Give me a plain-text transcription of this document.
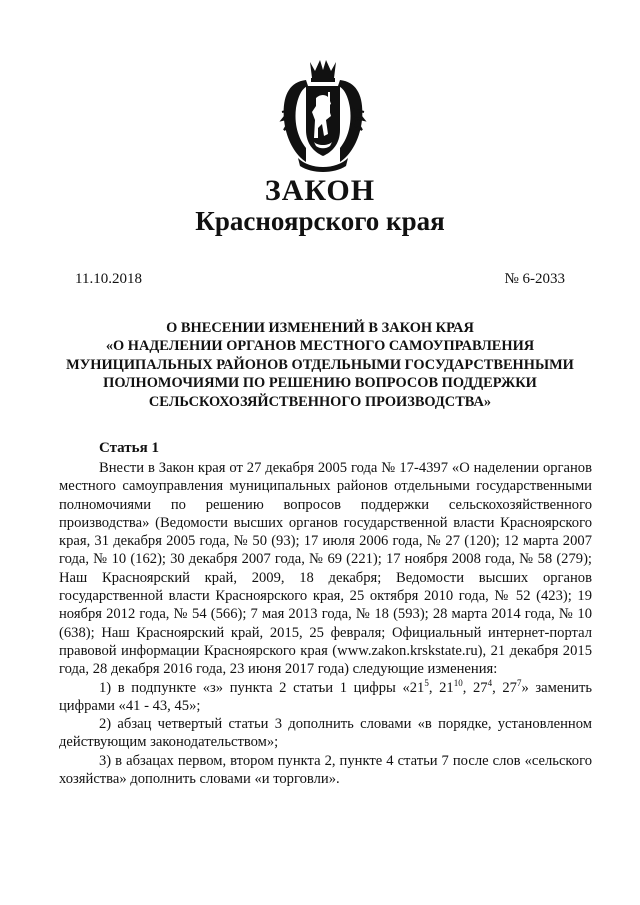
ЗАКОН
Красноярского края
11.10.2018	№ 6-2033
О ВНЕСЕНИИ ИЗМЕНЕНИЙ В ЗАКОН КРАЯ
«О НАДЕЛЕНИИ ОРГАНОВ МЕСТНОГО САМОУПРАВЛЕНИЯ
МУНИЦИПАЛЬНЫХ РАЙОНОВ ОТДЕЛЬНЫМИ ГОСУДАРСТВЕННЫМИ
ПОЛНОМОЧИЯМИ ПО РЕШЕНИЮ ВОПРОСОВ ПОДДЕРЖКИ
СЕЛЬСКОХОЗЯЙСТВЕННОГО ПРОИЗВОДСТВА»
Статья 1

Внести в Закон края от 27 декабря 2005 года № 17-4397 «О наделении органов местного самоуправления муниципальных районов отдельными государственными полномочиями по решению вопросов поддержки сельскохозяйственного производства» (Ведомости высших органов государственной власти Красноярского края, 31 декабря 2005 года, № 50 (93); 17 июля 2006 года, № 27 (120); 12 марта 2007 года, № 10 (162); 30 декабря 2007 года, № 69 (221); 17 ноября 2008 года, № 58 (279); Наш Красноярский край, 2009, 18 декабря; Ведомости высших органов государственной власти Красноярского края, 25 октября 2010 года, № 52 (423); 19 ноября 2012 года, № 54 (566); 7 мая 2013 года, № 18 (593); 28 марта 2014 года, № 10 (638); Наш Красноярский край, 2015, 25 февраля; Официальный интернет-портал правовой информации Красноярского края (www.zakon.krskstate.ru), 21 декабря 2015 года, 28 декабря 2016 года, 23 июня 2017 года) следующие изменения:

1) в подпункте «з» пункта 2 статьи 1 цифры «$21^5$, $21^{10}$, $27^4$, $27^7$» заменить цифрами «41 - 43, 45»;

2) абзац четвертый статьи 3 дополнить словами «в порядке, установленном действующим законодательством»;

3) в абзацах первом, втором пункта 2, пункте 4 статьи 7 после слов «сельского хозяйства» дополнить словами «и торговли».
